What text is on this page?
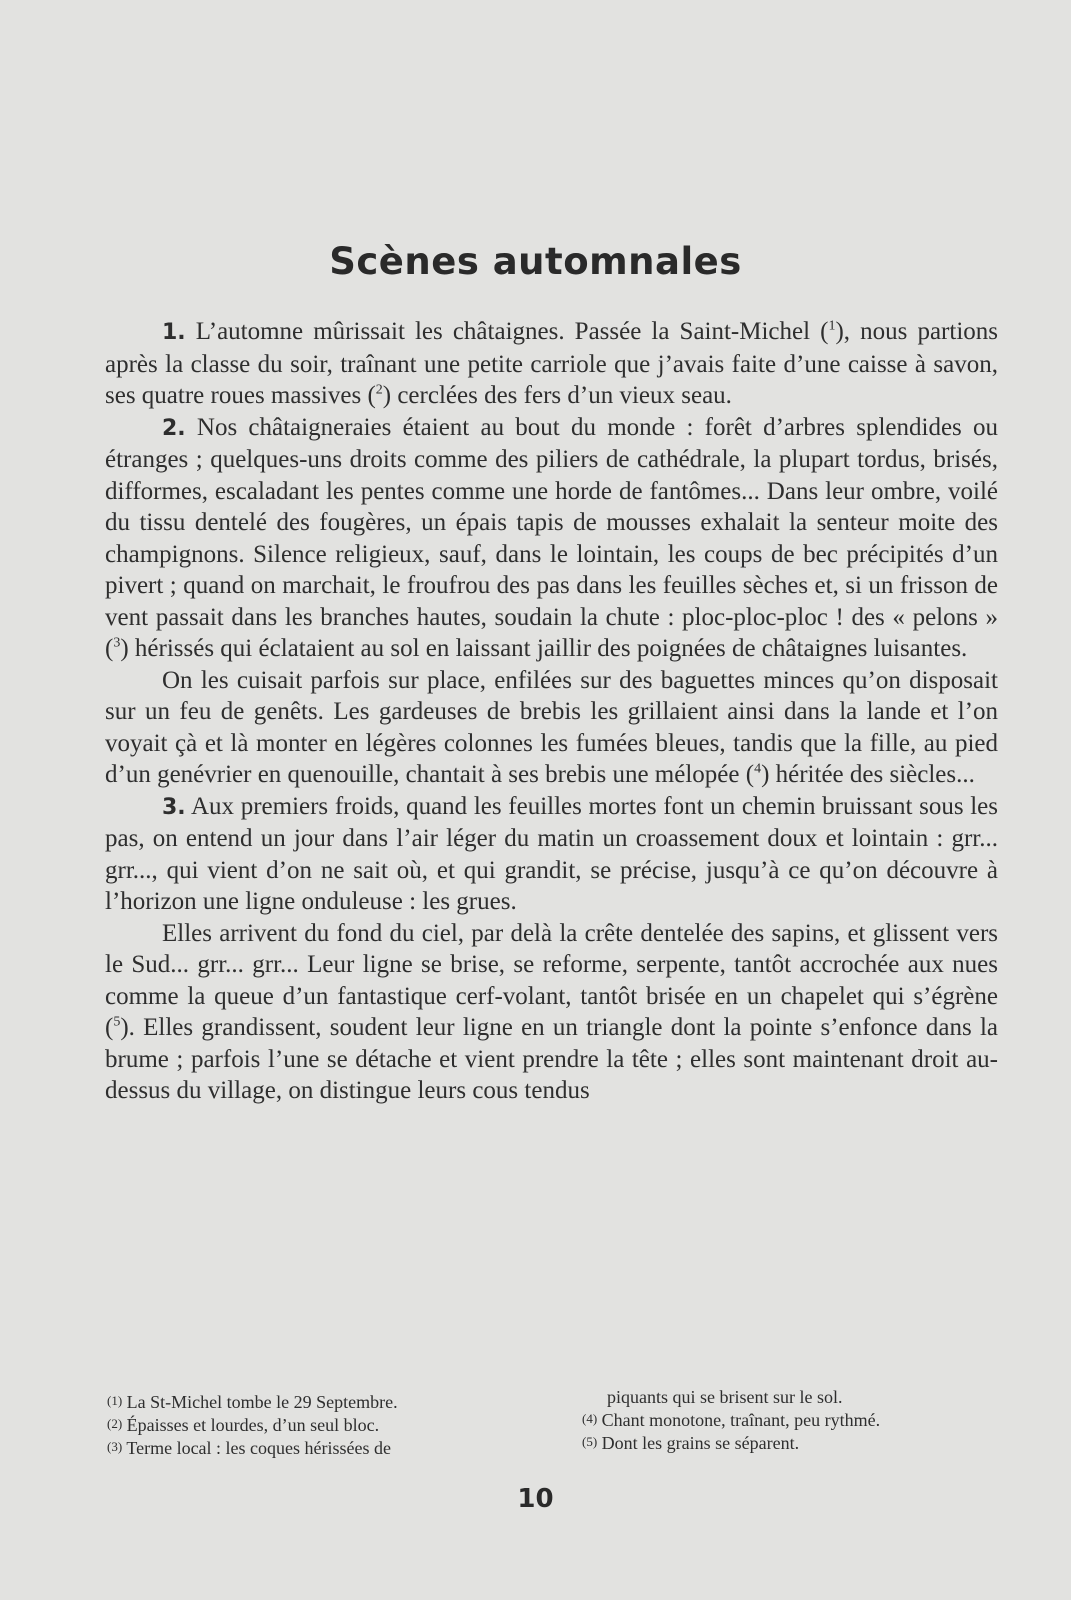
Scènes automnales

1. L’automne mûrissait les châtaignes. Passée la Saint-Michel ($^1$), nous partions après la classe du soir, traînant une petite carriole que j’avais faite d’une caisse à savon, ses quatre roues massives ($^2$) cerclées des fers d’un vieux seau.

2. Nos châtaigneraies étaient au bout du monde : forêt d’arbres splendides ou étranges ; quelques-uns droits comme des piliers de cathédrale, la plupart tordus, brisés, difformes, escaladant les pentes comme une horde de fantômes... Dans leur ombre, voilé du tissu dentelé des fougères, un épais tapis de mousses exhalait la senteur moite des champignons. Silence religieux, sauf, dans le lointain, les coups de bec précipités d’un pivert ; quand on marchait, le froufrou des pas dans les feuilles sèches et, si un frisson de vent passait dans les branches hautes, soudain la chute : ploc-ploc-ploc ! des « pelons » ($^3$) hérissés qui éclataient au sol en laissant jaillir des poignées de châtaignes luisantes.

On les cuisait parfois sur place, enfilées sur des baguettes minces qu’on disposait sur un feu de genêts. Les gardeuses de brebis les grillaient ainsi dans la lande et l’on voyait çà et là monter en légères colonnes les fumées bleues, tandis que la fille, au pied d’un genévrier en quenouille, chantait à ses brebis une mélopée ($^4$) héritée des siècles...

3. Aux premiers froids, quand les feuilles mortes font un chemin bruissant sous les pas, on entend un jour dans l’air léger du matin un croassement doux et lointain : grr... grr..., qui vient d’on ne sait où, et qui grandit, se précise, jusqu’à ce qu’on découvre à l’horizon une ligne onduleuse : les grues.

Elles arrivent du fond du ciel, par delà la crête dentelée des sapins, et glissent vers le Sud... grr... grr... Leur ligne se brise, se reforme, serpente, tantôt accrochée aux nues comme la queue d’un fantastique cerf-volant, tantôt brisée en un chapelet qui s’égrène ($^5$). Elles grandissent, soudent leur ligne en un triangle dont la pointe s’enfonce dans la brume ; parfois l’une se détache et vient prendre la tête ; elles sont maintenant droit au-dessus du village, on distingue leurs cous tendus

(1) La St-Michel tombe le 29 Septembre.

(2) Épaisses et lourdes, d’un seul bloc.

(3) Terme local : les coques hérissées de

piquants qui se brisent sur le sol.

(4) Chant monotone, traînant, peu rythmé.

(5) Dont les grains se séparent.

10
